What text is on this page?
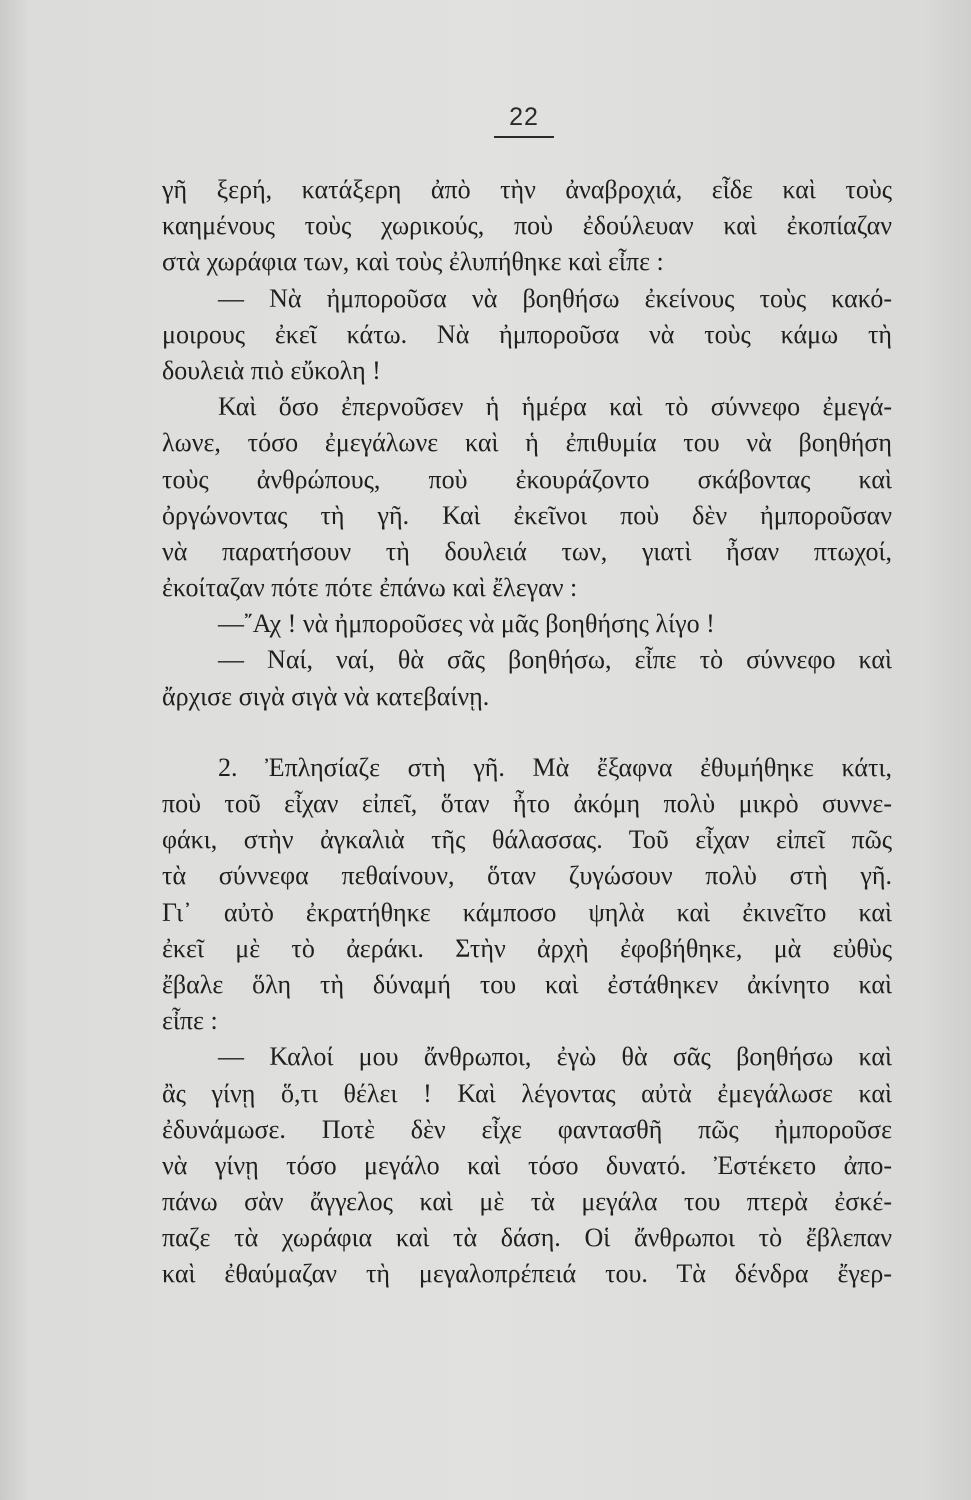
22
γῆ ξερή, κατάξερη ἀπὸ τὴν ἀναβροχιά, εἶδε καὶ τοὺς
καημένους τοὺς χωρικούς, ποὺ ἐδούλευαν καὶ ἐκοπίαζαν
στὰ χωράφια των, καὶ τοὺς ἐλυπήθηκε καὶ εἶπε :
— Νὰ ἠμποροῦσα νὰ βοηθήσω ἐκείνους τοὺς κακό-
μοιρους ἐκεῖ κάτω. Νὰ ἠμποροῦσα νὰ τοὺς κάμω τὴ
δουλειὰ πιὸ εὔκολη !
Καὶ ὅσο ἐπερνοῦσεν ἡ ἡμέρα καὶ τὸ σύννεφο ἐμεγά-
λωνε, τόσο ἐμεγάλωνε καὶ ἡ ἐπιθυμία του νὰ βοηθήση
τοὺς ἀνθρώπους, ποὺ ἐκουράζοντο σκάβοντας καὶ
ὀργώνοντας τὴ γῆ. Καὶ ἐκεῖνοι ποὺ δὲν ἠμποροῦσαν
νὰ παρατήσουν τὴ δουλειά των, γιατὶ ἦσαν πτωχοί,
ἐκοίταζαν πότε πότε ἐπάνω καὶ ἔλεγαν :
—῎Αχ ! νὰ ἠμποροῦσες νὰ μᾶς βοηθήσης λίγο !
— Ναί, ναί, θὰ σᾶς βοηθήσω, εἶπε τὸ σύννεφο καὶ
ἄρχισε σιγὰ σιγὰ νὰ κατεβαίνῃ.
2. Ἐπλησίαζε στὴ γῆ. Μὰ ἔξαφνα ἐθυμήθηκε κάτι,
ποὺ τοῦ εἶχαν εἰπεῖ, ὅταν ἦτο ἀκόμη πολὺ μικρὸ συννε-
φάκι, στὴν ἀγκαλιὰ τῆς θάλασσας. Τοῦ εἶχαν εἰπεῖ πῶς
τὰ σύννεφα πεθαίνουν, ὅταν ζυγώσουν πολὺ στὴ γῆ.
Γι᾽ αὐτὸ ἐκρατήθηκε κάμποσο ψηλὰ καὶ ἐκινεῖτο καὶ
ἐκεῖ μὲ τὸ ἀεράκι. Στὴν ἀρχὴ ἐφοβήθηκε, μὰ εὐθὺς
ἔβαλε ὅλη τὴ δύναμή του καὶ ἐστάθηκεν ἀκίνητο καὶ
εἶπε :
— Καλοί μου ἄνθρωποι, ἐγὼ θὰ σᾶς βοηθήσω καὶ
ἂς γίνῃ ὅ,τι θέλει ! Καὶ λέγοντας αὐτὰ ἐμεγάλωσε καὶ
ἐδυνάμωσε. Ποτὲ δὲν εἶχε φαντασθῆ πῶς ἠμποροῦσε
νὰ γίνῃ τόσο μεγάλο καὶ τόσο δυνατό. Ἐστέκετο ἀπο-
πάνω σὰν ἄγγελος καὶ μὲ τὰ μεγάλα του πτερὰ ἐσκέ-
παζε τὰ χωράφια καὶ τὰ δάση. Οἱ ἄνθρωποι τὸ ἔβλεπαν
καὶ ἐθαύμαζαν τὴ μεγαλοπρέπειά του. Τὰ δένδρα ἔγερ-
